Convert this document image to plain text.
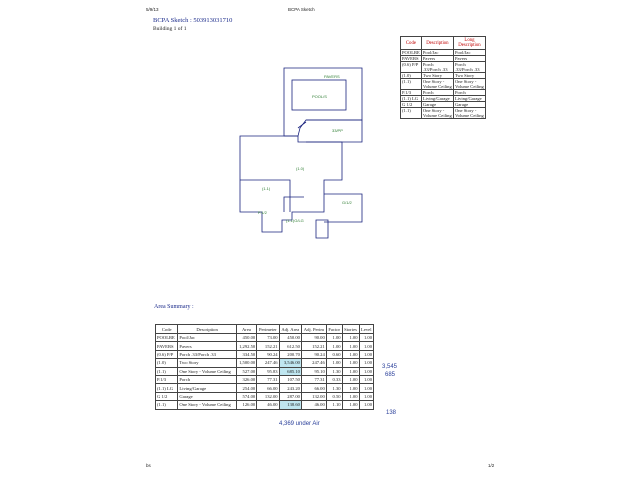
5/9/13	BCPA Sketch
BCPA Sketch : 503913031710
Building 1 of 1
PAVERS
POOL/S
33/PP
(1.0)
(1.1)
P.1/2
G/1/2
(1.1)G/LG
Code	Description	Long Description
POOLRE	Pool/Jac	Pool/Jac
PAVERS	Pavers	Pavers
(0.6) P/P	Porch .33/Porch .33	Porch .33/Porch .33
(1.0)	Two Story	Two Story
(1.1)	One Story - Volume Ceiling	One Story - Volume Ceiling
P.1/3	Porch	Porch
(1.1) LG	Living/Garage	Living/Garage
G 1/2	Garage	Garage
(1.1)	One Story - Volume Ceiling	One Story - Volume Ceiling
Area Summary :
Code	Description	Area	Perimeter	Adj. Area	Adj. Perim	Factor	Stories	Level
POOLRE	Pool/Jac	450.00	73.00	450.00	90.00	1.00	1.00	1.00
PAVERS	Pavers	1,292.50	152.21	612.50	152.21	1.00	1.00	1.00
(0.6) P/P	Porch .33/Porch .33	334.50	90.24	200.70	90.24	0.60	1.00	1.00
(1.0)	Two Story	1,500.00	247.46	3,546.00	247.46	1.00	1.00	1.00
(1.1)	One Story - Volume Ceiling	527.00	95.83	685.10	95.10	1.30	1.00	1.00
P.1/3	Porch	326.00	77.31	107.50	77.31	0.33	1.00	1.00
(1.1) LG	Living/Garage	254.00	66.00	243.20	66.00	1.30	1.00	1.00
G 1/2	Garage	574.00	132.00	287.00	132.00	0.50	1.00	1.00
(1.1)	One Story - Volume Ceiling	126.00	46.00	138.60	46.00	1.10	1.00	1.00
3,545
685
138
4,369 under Air
bs	1/2
